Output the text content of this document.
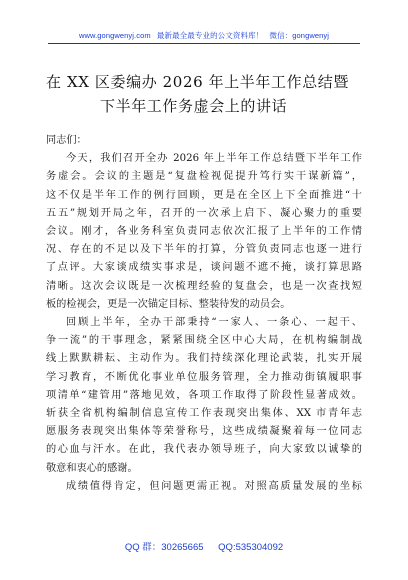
www.gongwenyj.com 最新最全最专业的公文资料库！ 微信：gongwenyj
在 XX 区委编办 2026 年上半年工作总结暨
下半年工作务虚会上的讲话

同志们：

今天，我们召开全办 2026 年上半年工作总结暨下半年工作
务虚会。会议的主题是“复盘检视促提升笃行实干谋新篇”，
这不仅是半年工作的例行回顾，更是在全区上下全面推进“十
五五”规划开局之年，召开的一次承上启下、凝心聚力的重要
会议。刚才，各业务科室负责同志依次汇报了上半年的工作情
况、存在的不足以及下半年的打算，分管负责同志也逐一进行
了点评。大家谈成绩实事求是，谈问题不遮不掩，谈打算思路
清晰。这次会议既是一次梳理经验的复盘会，也是一次查找短
板的检视会，更是一次锚定目标、整装待发的动员会。

回顾上半年，全办干部秉持“一家人、一条心、一起干、
争一流”的干事理念，紧紧围绕全区中心大局，在机构编制战
线上默默耕耘、主动作为。我们持续深化理论武装，扎实开展
学习教育，不断优化事业单位服务管理，全力推动街镇履职事
项清单“建管用”落地见效，各项工作取得了阶段性显著成效。
斩获全省机构编制信息宣传工作表现突出集体、XX 市青年志
愿服务表现突出集体等荣誉称号，这些成绩凝聚着每一位同志
的心血与汗水。在此，我代表办领导班子，向大家致以诚挚的
敬意和衷心的感谢。

成绩值得肯定，但问题更需正视。对照高质量发展的坐标

QQ 群：30265665 QQ:535304092
